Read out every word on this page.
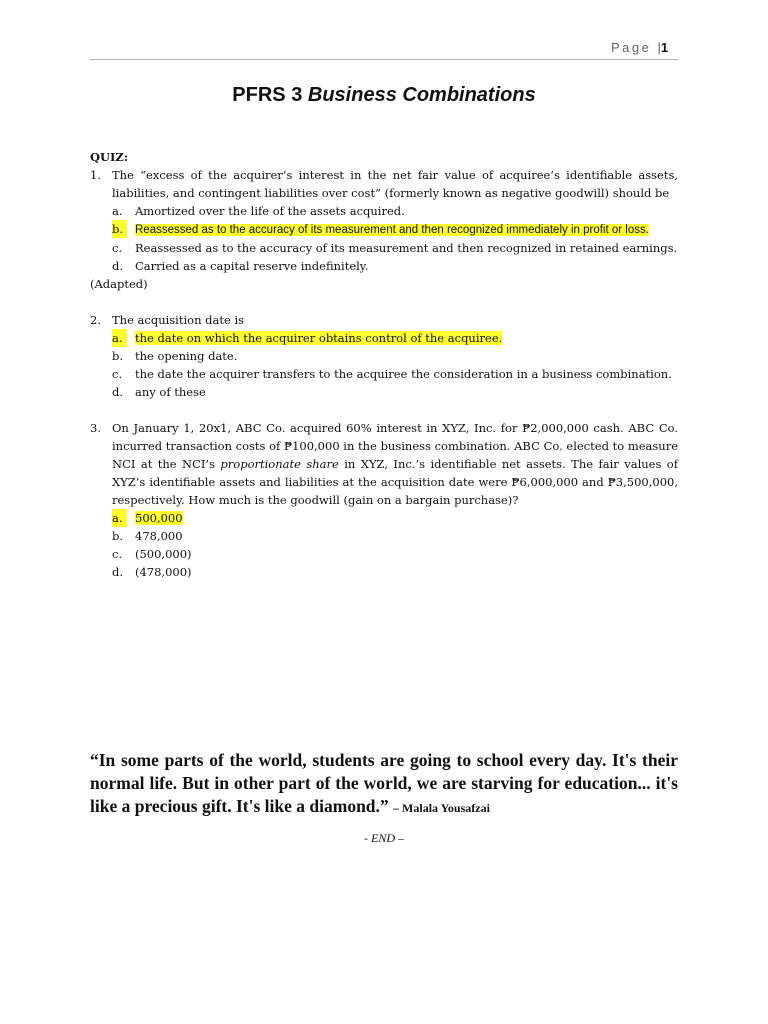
Page |1
PFRS 3 Business Combinations
QUIZ:
1. The “excess of the acquirer’s interest in the net fair value of acquiree’s identifiable assets, liabilities, and contingent liabilities over cost” (formerly known as negative goodwill) should be
a. Amortized over the life of the assets acquired.
b.	Reassessed as to the accuracy of its measurement and then recognized immediately in profit or loss.
c. Reassessed as to the accuracy of its measurement and then recognized in retained earnings.
d. Carried as a capital reserve indefinitely.
(Adapted)
2. The acquisition date is
a.	the date on which the acquirer obtains control of the acquiree.
b. the opening date.
c. the date the acquirer transfers to the acquiree the consideration in a business combination.
d. any of these
3. On January 1, 20x1, ABC Co. acquired 60% interest in XYZ, Inc. for ₱2,000,000 cash. ABC Co. incurred transaction costs of ₱100,000 in the business combination. ABC Co. elected to measure NCI at the NCI’s proportionate share in XYZ, Inc.’s identifiable net assets. The fair values of XYZ’s identifiable assets and liabilities at the acquisition date were ₱6,000,000 and ₱3,500,000, respectively. How much is the goodwill (gain on a bargain purchase)?
a.	500,000
b. 478,000
c. (500,000)
d. (478,000)
“In some parts of the world, students are going to school every day. It's their normal life. But in other part of the world, we are starving for education... it's like a precious gift. It's like a diamond.” – Malala Yousafzai
- END –
